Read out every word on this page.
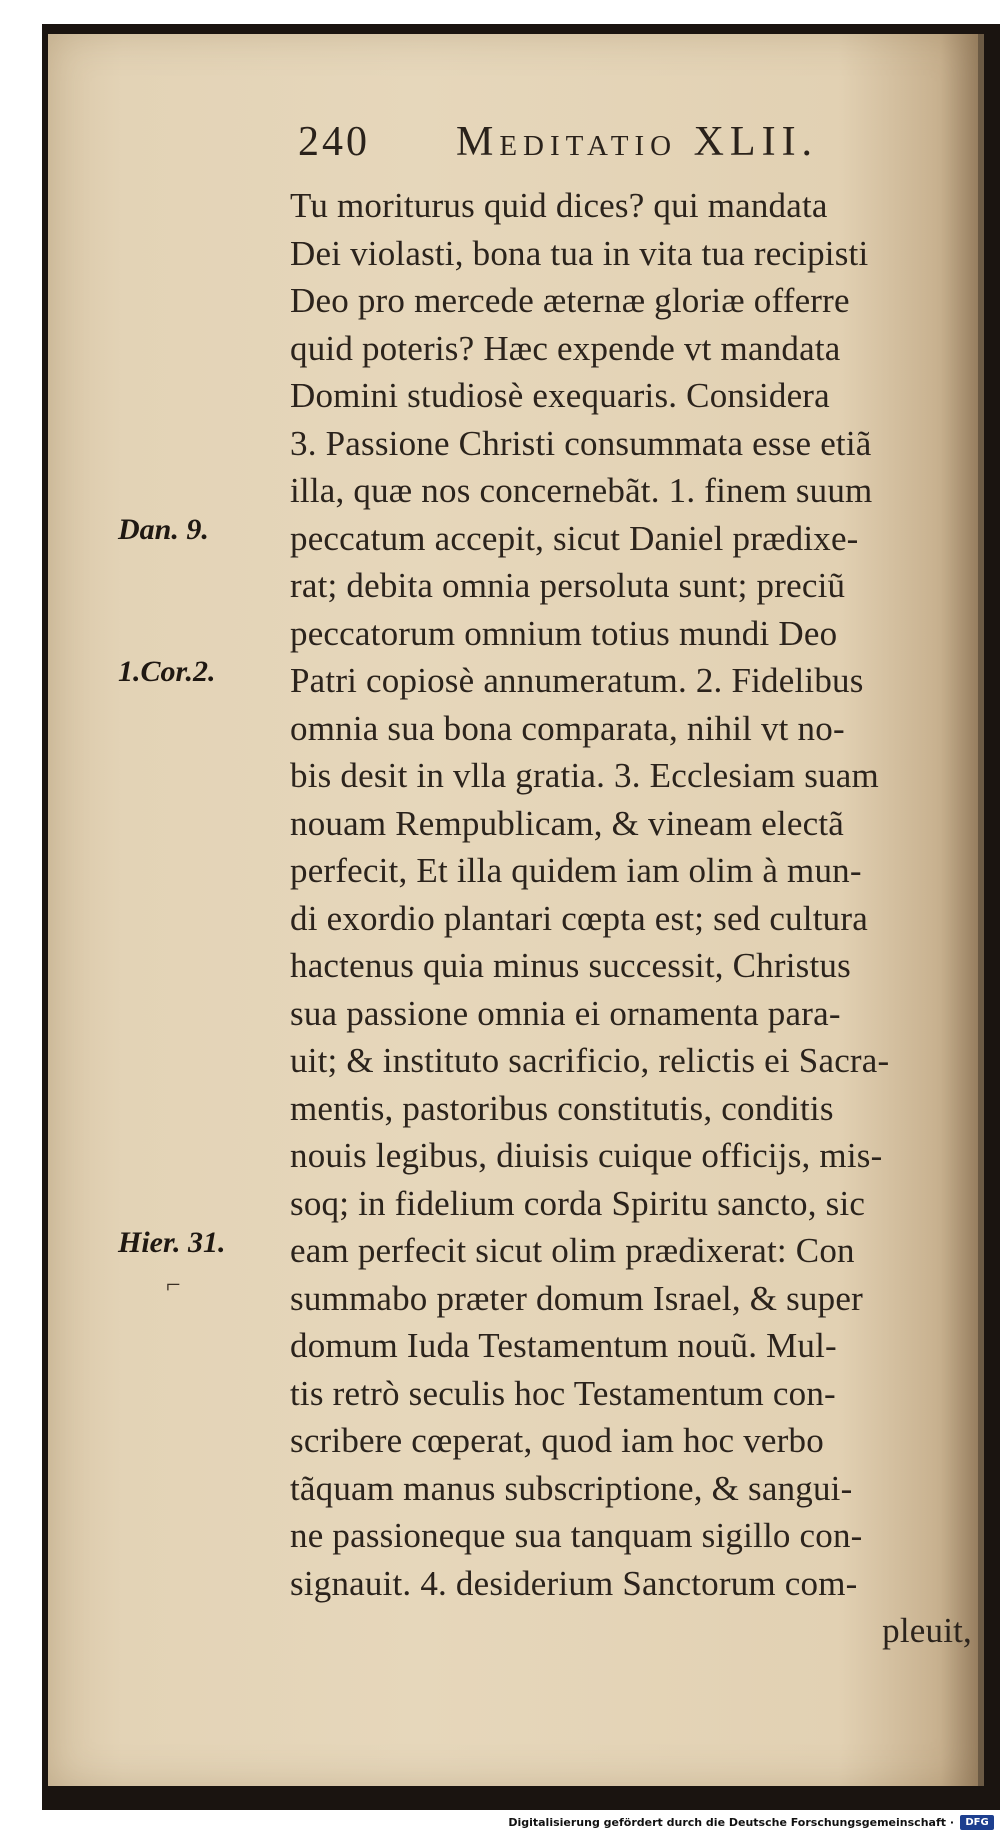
240 Meditatio XLII.
Dan. 9.
1.Cor.2.
Hier. 31.
⌐
Tu moriturus quid dices? qui mandata
Dei violasti, bona tua in vita tua recipisti
Deo pro mercede æternæ gloriæ offerre
quid poteris? Hæc expende vt mandata
Domini studiosè exequaris. Considera
3. Passione Christi consummata esse etiã
illa, quæ nos concernebãt. 1. finem suum
peccatum accepit, sicut Daniel prædixe-
rat; debita omnia persoluta sunt; preciũ
peccatorum omnium totius mundi Deo
Patri copiosè annumeratum. 2. Fidelibus
omnia sua bona comparata, nihil vt no-
bis desit in vlla gratia. 3. Ecclesiam suam
nouam Rempublicam, & vineam electã
perfecit, Et illa quidem iam olim à mun-
di exordio plantari cœpta est; sed cultura
hactenus quia minus successit, Christus
sua passione omnia ei ornamenta para-
uit; & instituto sacrificio, relictis ei Sacra-
mentis, pastoribus constitutis, conditis
nouis legibus, diuisis cuique officijs, mis-
soq; in fidelium corda Spiritu sancto, sic
eam perfecit sicut olim prædixerat: Con
summabo præter domum Israel, & super
domum Iuda Testamentum nouũ. Mul-
tis retrò seculis hoc Testamentum con-
scribere cœperat, quod iam hoc verbo
tãquam manus subscriptione, & sangui-
ne passioneque sua tanquam sigillo con-
signauit. 4. desiderium Sanctorum com-
pleuit,
Digitalisierung gefördert durch die Deutsche Forschungsgemeinschaft ·	DFG
